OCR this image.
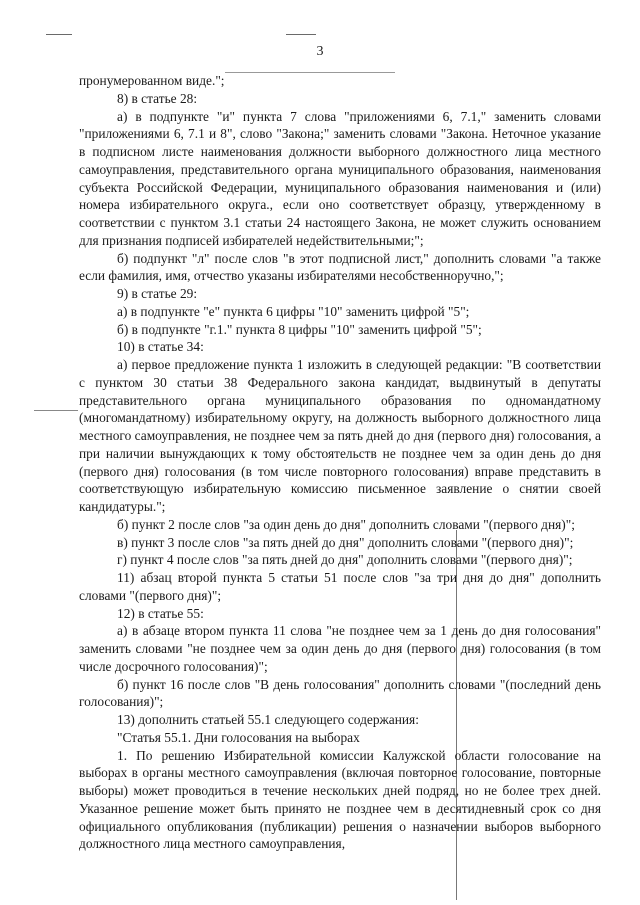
3

пронумерованном виде.";

8) в статье 28:

а) в подпункте "и" пункта 7 слова "приложениями 6, 7.1," заменить словами "приложениями 6, 7.1 и 8", слово "Закона;" заменить словами "Закона. Неточное указание в подписном листе наименования должности выборного должностного лица местного самоуправления, представительного органа муниципального образования, наименования субъекта Российской Федерации, муниципального образования наименования и (или) номера избирательного округа., если оно соответствует образцу, утвержденному в соответствии с пунктом 3.1 статьи 24 настоящего Закона, не может служить основанием для признания подписей избирателей недействительными;";

б) подпункт "л" после слов "в этот подписной лист," дополнить словами "а также если фамилия, имя, отчество указаны избирателями несобственноручно,";

9) в статье 29:

а) в подпункте "е" пункта 6 цифры "10" заменить цифрой "5";

б) в подпункте "г.1." пункта 8 цифры "10" заменить цифрой "5";

10) в статье 34:

а) первое предложение пункта 1 изложить в следующей редакции: "В соответствии с пунктом 30 статьи 38 Федерального закона кандидат, выдвинутый в депутаты представительного органа муниципального образования по одномандатному (многомандатному) избирательному округу, на должность выборного должностного лица местного самоуправления, не позднее чем за пять дней до дня (первого дня) голосования, а при наличии вынуждающих к тому обстоятельств не позднее чем за один день до дня (первого дня) голосования (в том числе повторного голосования) вправе представить в соответствующую избирательную комиссию письменное заявление о снятии своей кандидатуры.";

б) пункт 2 после слов "за один день до дня" дополнить словами "(первого дня)";

в) пункт 3 после слов "за пять дней до дня" дополнить словами "(первого дня)";

г) пункт 4 после слов "за пять дней до дня" дополнить словами "(первого дня)";

11) абзац второй пункта 5 статьи 51 после слов "за три дня до дня" дополнить словами "(первого дня)";

12) в статье 55:

а) в абзаце втором пункта 11 слова "не позднее чем за 1 день до дня голосования" заменить словами "не позднее чем за один день до дня (первого дня) голосования (в том числе досрочного голосования)";

б) пункт 16 после слов "В день голосования" дополнить словами "(последний день голосования)";

13) дополнить статьей 55.1 следующего содержания:

"Статья 55.1. Дни голосования на выборах

1. По решению Избирательной комиссии Калужской области голосование на выборах в органы местного самоуправления (включая повторное голосование, повторные выборы) может проводиться в течение нескольких дней подряд, но не более трех дней. Указанное решение может быть принято не позднее чем в десятидневный срок со дня официального опубликования (публикации) решения о назначении выборов выборного должностного лица местного самоуправления,
